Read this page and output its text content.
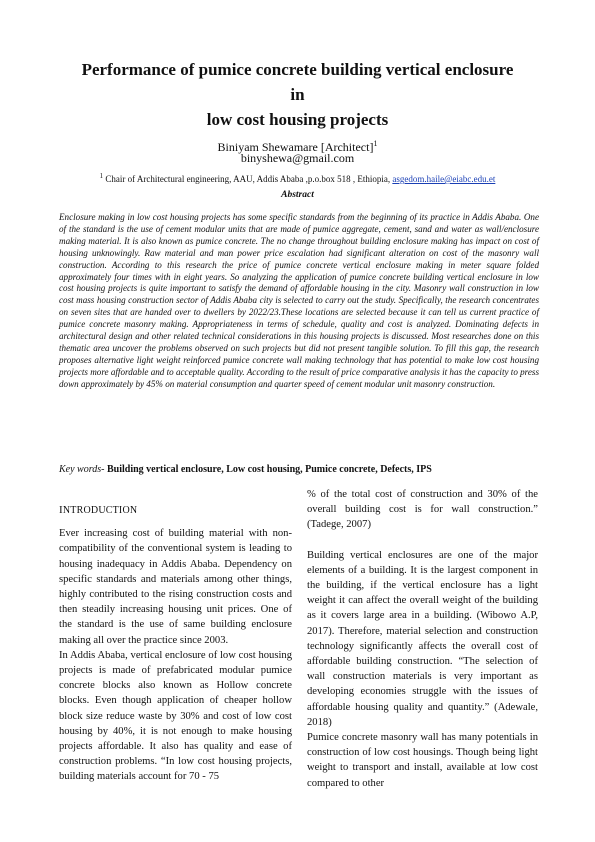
Performance of pumice concrete building vertical enclosure
in
low cost housing projects
Biniyam Shewamare [Architect]$^1$
binyshewa@gmail.com
$^1$ Chair of Architectural engineering, AAU, Addis Ababa ,p.o.box 518 , Ethiopia, asgedom.haile@eiabc.edu.et
Abstract

Enclosure making in low cost housing projects has some specific standards from the beginning of its practice in Addis Ababa. One of the standard is the use of cement modular units that are made of pumice aggregate, cement, sand and water as wall/enclosure making material. It is also known as pumice concrete. The no change throughout building enclosure making has impact on cost of housing unknowingly. Raw material and man power price escalation had significant alteration on cost of the masonry wall construction. According to this research the price of pumice concrete vertical enclosure making in meter square folded approximately four times with in eight years. So analyzing the application of pumice concrete building vertical enclosure in low cost housing projects is quite important to satisfy the demand of affordable housing in the city. Masonry wall construction in low cost mass housing construction sector of Addis Ababa city is selected to carry out the study. Specifically, the research concentrates on seven sites that are handed over to dwellers by 2022/23.These locations are selected because it can tell us current practice of pumice concrete masonry making. Appropriateness in terms of schedule, quality and cost is analyzed. Dominating defects in architectural design and other related technical considerations in this housing projects is discussed. Most researches done on this thematic area uncover the problems observed on such projects but did not present tangible solution. To fill this gap, the research proposes alternative light weight reinforced pumice concrete wall making technology that has potential to make low cost housing projects more affordable and to acceptable quality. According to the result of price comparative analysis it has the capacity to press down approximately by 45% on material consumption and quarter speed of cement modular unit masonry construction.

Key words- Building vertical enclosure, Low cost housing, Pumice concrete, Defects, IPS
INTRODUCTION

Ever increasing cost of building material with non-compatibility of the conventional system is leading to housing inadequacy in Addis Ababa. Dependency on specific standards and materials among other things, highly contributed to the rising construction costs and then steadily increasing housing unit prices. One of the standard is the use of same building enclosure making all over the practice since 2003.

In Addis Ababa, vertical enclosure of low cost housing projects is made of prefabricated modular pumice concrete blocks also known as Hollow concrete blocks. Even though application of cheaper hollow block size reduce waste by 30% and cost of low cost housing by 40%, it is not enough to make housing projects affordable. It also has quality and ease of construction problems. “In low cost housing projects, building materials account for 70 - 75

% of the total cost of construction and 30% of the overall building cost is for wall construction.” (Tadege, 2007)

Building vertical enclosures are one of the major elements of a building. It is the largest component in the building, if the vertical enclosure has a light weight it can affect the overall weight of the building as it covers large area in a building. (Wibowo A.P, 2017). Therefore, material selection and construction technology significantly affects the overall cost of affordable building construction. “The selection of wall construction materials is very important as developing economies struggle with the issues of affordable housing quality and quantity.” (Adewale, 2018)

Pumice concrete masonry wall has many potentials in construction of low cost housings. Though being light weight to transport and install, available at low cost compared to other
